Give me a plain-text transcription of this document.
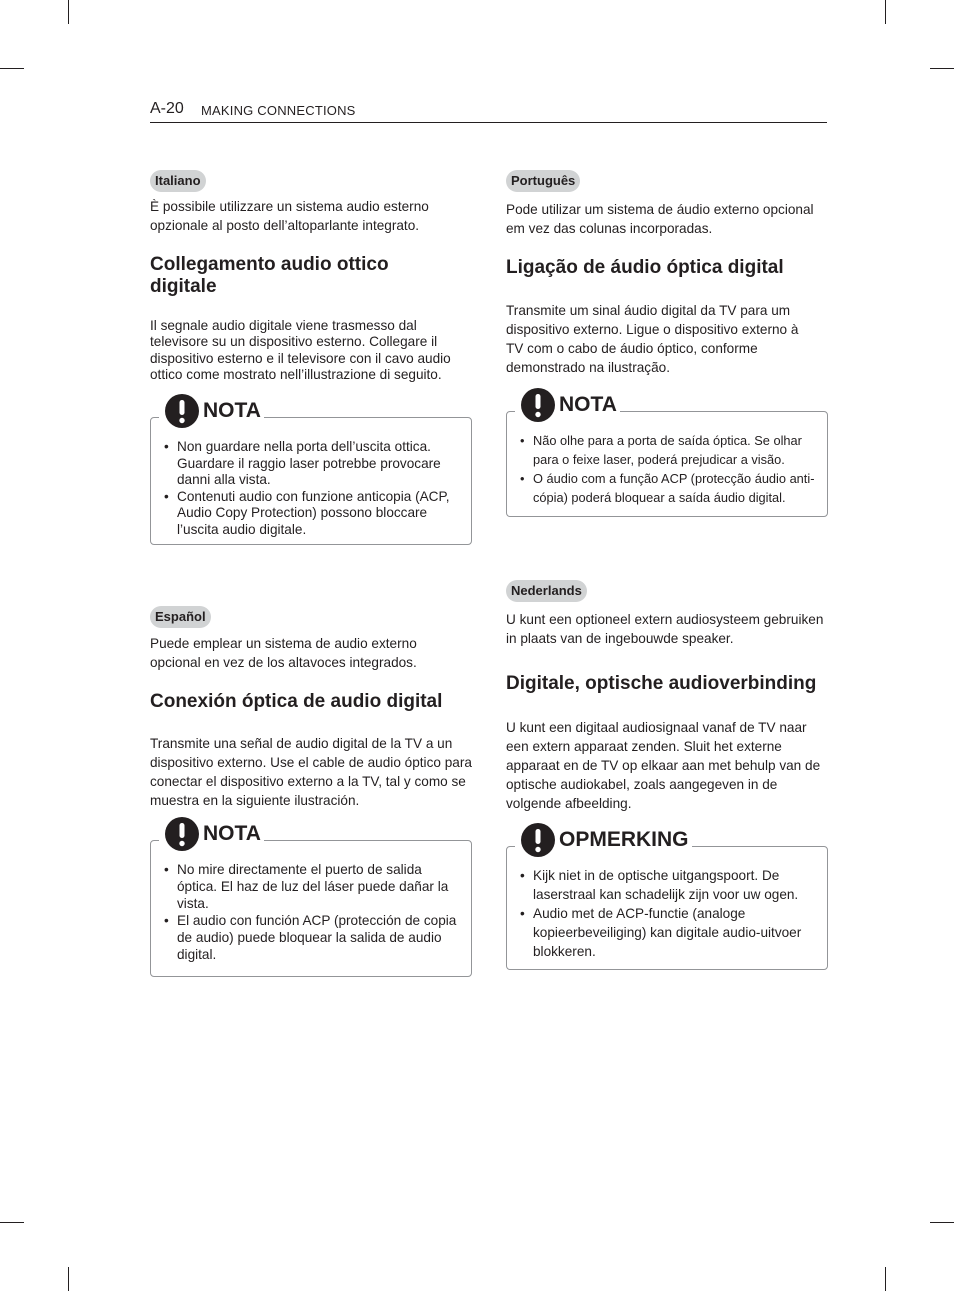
A-20 MAKING CONNECTIONS
Italiano
È possibile utilizzare un sistema audio esterno opzionale al posto dell’altoparlante integrato.
Collegamento audio ottico digitale
Il segnale audio digitale viene trasmesso dal televisore su un dispositivo esterno. Collegare il dispositivo esterno e il televisore con il cavo audio ottico come mostrato nell’illustrazione di seguito.
NOTA
• Non guardare nella porta dell’uscita ottica. Guardare il raggio laser potrebbe provocare danni alla vista.
• Contenuti audio con funzione anticopia (ACP, Audio Copy Protection) possono bloccare l’uscita audio digitale.
Português
Pode utilizar um sistema de áudio externo opcional em vez das colunas incorporadas.
Ligação de áudio óptica digital
Transmite um sinal áudio digital da TV para um dispositivo externo. Ligue o dispositivo externo à TV com o cabo de áudio óptico, conforme demonstrado na ilustração.
NOTA
• Não olhe para a porta de saída óptica. Se olhar para o feixe laser, poderá prejudicar a visão.
• O áudio com a função ACP (protecção áudio anti-cópia) poderá bloquear a saída áudio digital.
Español
Puede emplear un sistema de audio externo opcional en vez de los altavoces integrados.
Conexión óptica de audio digital
Transmite una señal de audio digital de la TV a un dispositivo externo. Use el cable de audio óptico para conectar el dispositivo externo a la TV, tal y como se muestra en la siguiente ilustración.
NOTA
• No mire directamente el puerto de salida óptica. El haz de luz del láser puede dañar la vista.
• El audio con función ACP (protección de copia de audio) puede bloquear la salida de audio digital.
Nederlands
U kunt een optioneel extern audiosysteem gebruiken in plaats van de ingebouwde speaker.
Digitale, optische audioverbinding
U kunt een digitaal audiosignaal vanaf de TV naar een extern apparaat zenden. Sluit het externe apparaat en de TV op elkaar aan met behulp van de optische audiokabel, zoals aangegeven in de volgende afbeelding.
OPMERKING
• Kijk niet in de optische uitgangspoort. De laserstraal kan schadelijk zijn voor uw ogen.
• Audio met de ACP-functie (analoge kopieerbeveiliging) kan digitale audio-uitvoer blokkeren.
